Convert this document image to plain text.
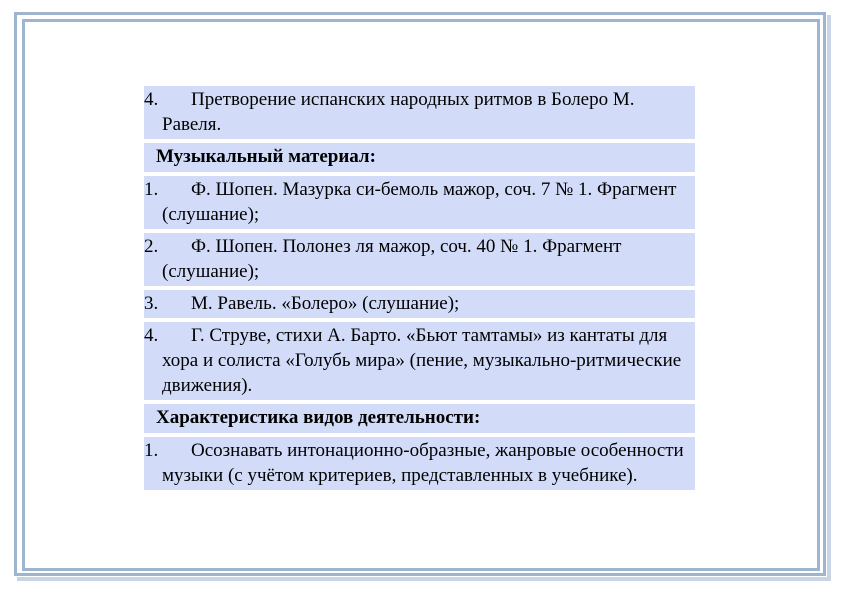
4. Претворение испанских народных ритмов в Болеро М. Равеля.
Музыкальный материал:
1. Ф. Шопен. Мазурка си-бемоль мажор, соч. 7 № 1. Фрагмент (слушание);
2. Ф. Шопен. Полонез ля мажор, соч. 40 № 1. Фрагмент (слушание);
3. М. Равель. «Болеро» (слушание);
4. Г. Струве, стихи А. Барто. «Бьют тамтамы» из кантаты для хора и солиста «Голубь мира» (пение, музыкально-ритмические движения).
Характеристика видов деятельности:
1. Осознавать интонационно-образные, жанровые особенности музыки (с учётом критериев, представленных в учебнике).
